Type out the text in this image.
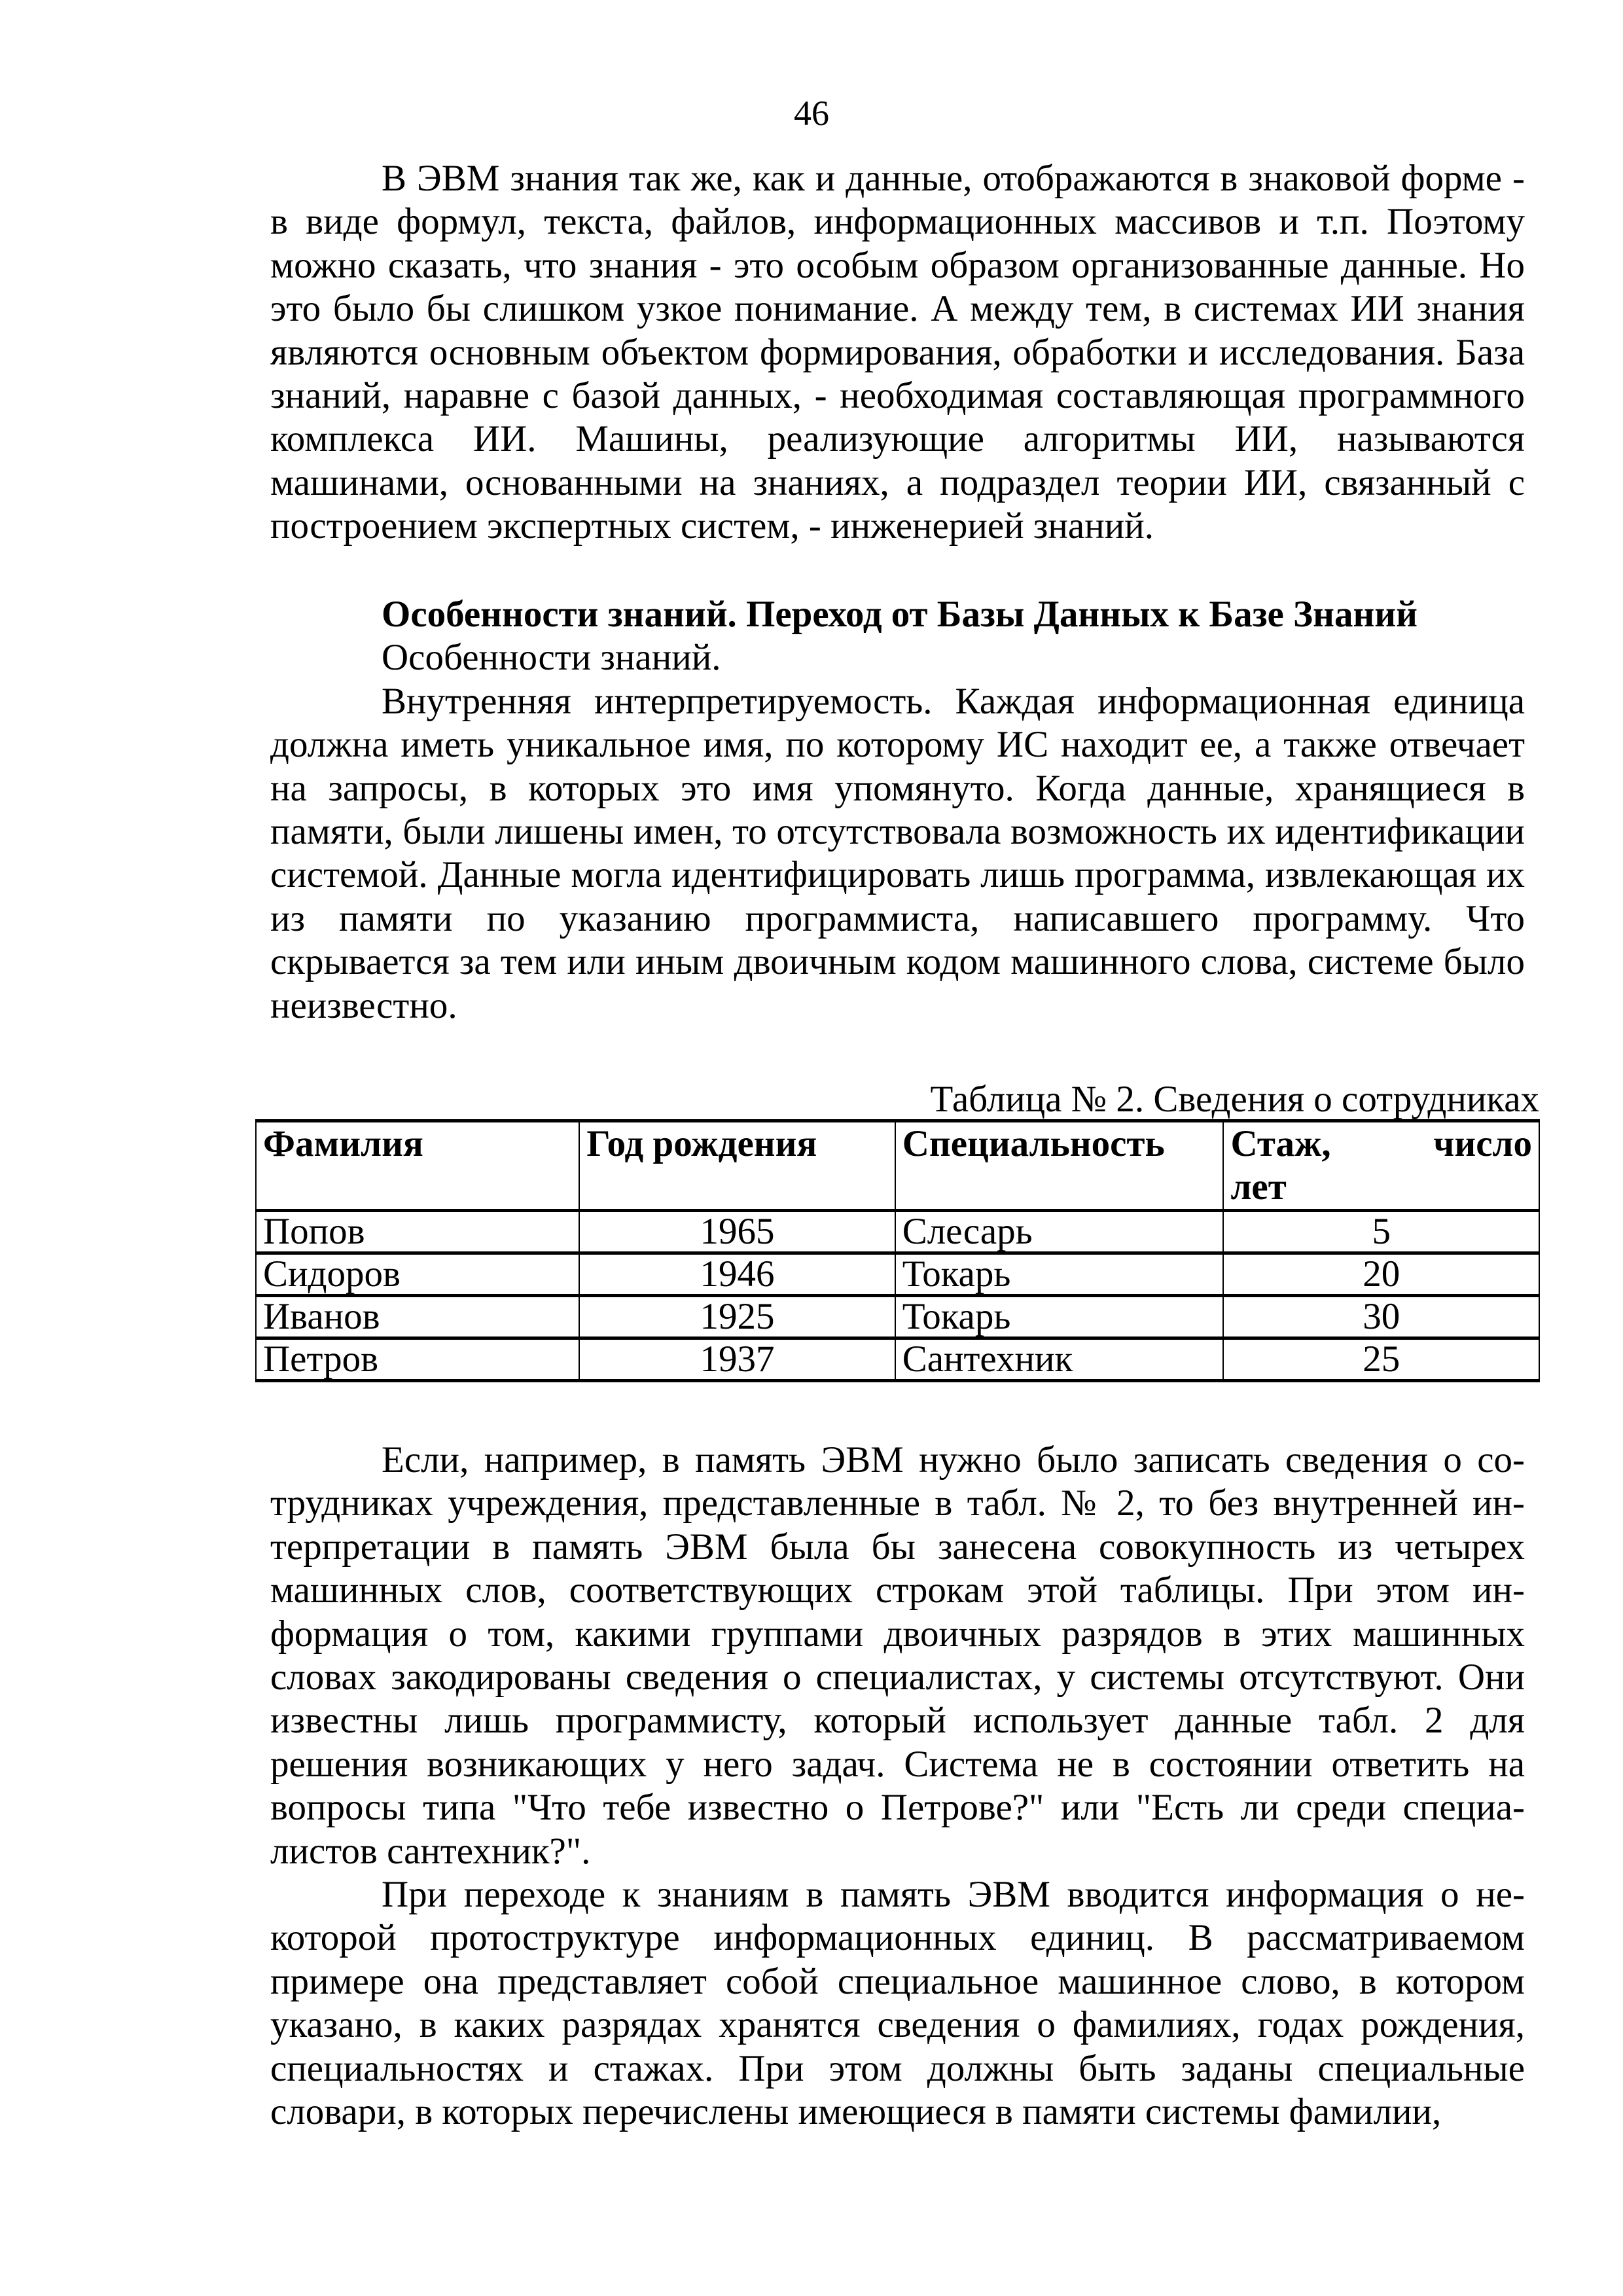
46

В ЭВМ знания так же, как и данные, отображаются в знаковой форме - в виде формул, текста, файлов, информационных массивов и т.п. Поэтому можно сказать, что знания - это особым образом организованные данные. Но это было бы слишком узкое понимание. А между тем, в системах ИИ знания являются основным объектом формирования, обработки и исследования. База знаний, наравне с базой данных, - необходимая составляющая программного комплекса ИИ. Машины, реализующие алгоритмы ИИ, называются машинами, основанными на знаниях, а подраздел теории ИИ, связанный с построением экспертных систем, - инженерией знаний.

Особенности знаний. Переход от Базы Данных к Базе Знаний

Особенности знаний.

Внутренняя интерпретируемость. Каждая информационная единица должна иметь уникальное имя, по которому ИС находит ее, а также отвечает на запросы, в которых это имя упомянуто. Когда данные, хранящиеся в памяти, были лишены имен, то отсутствовала возможность их идентификации системой. Данные могла идентифицировать лишь программа, извлекающая их из памяти по указанию программиста, написавшего программу. Что скрывается за тем или иным двоичным кодом машинного слова, системе было неизвестно.

Таблица № 2. Сведения о сотрудниках
Фамилия	Год рождения	Специальность	Стаж, число
лет

Попов	1965	Слесарь	5
Сидоров	1946	Токарь	20
Иванов	1925	Токарь	30
Петров	1937	Сантехник	25

Если, например, в память ЭВМ нужно было записать сведения о сотрудниках учреждения, представленные в табл. № 2, то без внутренней интерпретации в память ЭВМ была бы занесена совокупность из четырех машинных слов, соответствующих строкам этой таблицы. При этом информация о том, какими группами двоичных разрядов в этих машинных словах закодированы сведения о специалистах, у системы отсутствуют. Они известны лишь программисту, который использует данные табл. 2 для решения возникающих у него задач. Система не в состоянии ответить на вопросы типа "Что тебе известно о Петрове?" или "Есть ли среди специалистов сантехник?".

При переходе к знаниям в память ЭВМ вводится информация о некоторой протоструктуре информационных единиц. В рассматриваемом примере она представляет собой специальное машинное слово, в котором указано, в каких разрядах хранятся сведения о фамилиях, годах рождения, специальностях и стажах. При этом должны быть заданы специальные словари, в которых перечислены имеющиеся в памяти системы фамилии,
